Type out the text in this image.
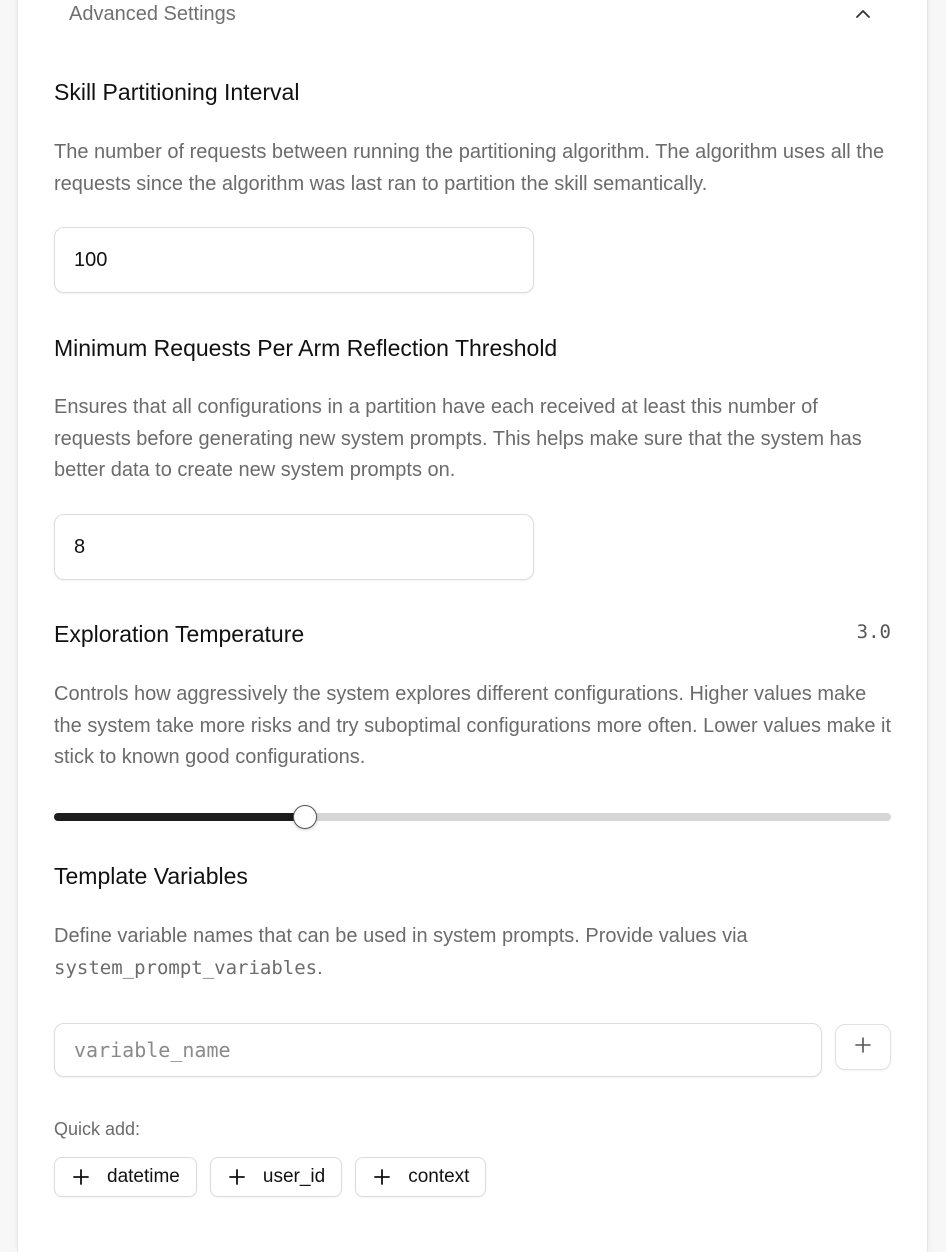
Advanced Settings
Skill Partitioning Interval
The number of requests between running the partitioning algorithm. The algorithm uses all the requests since the algorithm was last ran to partition the skill semantically.
100
Minimum Requests Per Arm Reflection Threshold
Ensures that all configurations in a partition have each received at least this number of requests before generating new system prompts. This helps make sure that the system has better data to create new system prompts on.
8
Exploration Temperature	3.0
Controls how aggressively the system explores different configurations. Higher values make the system take more risks and try suboptimal configurations more often. Lower values make it stick to known good configurations.
Template Variables
Define variable names that can be used in system prompts. Provide values via system_prompt_variables.
variable_name
Quick add:
datetime	user_id	context
